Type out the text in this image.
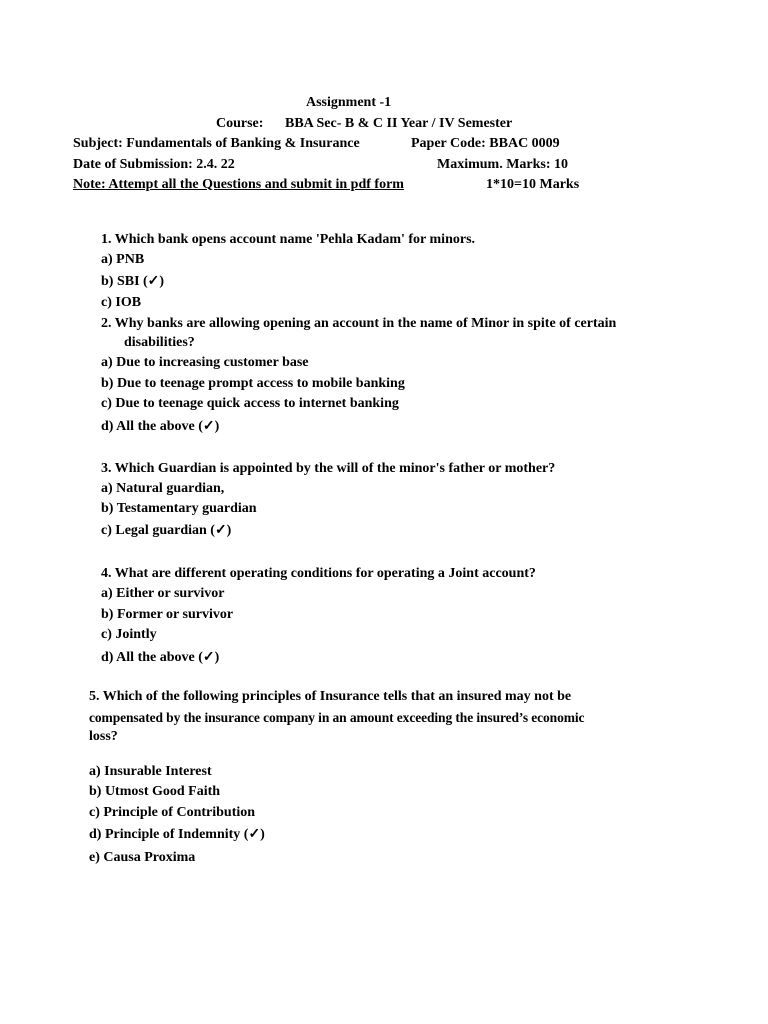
Assignment -1
Course: BBA Sec- B & C II Year / IV Semester
Subject: Fundamentals of Banking & Insurance	Paper Code: BBAC 0009
Date of Submission: 2.4. 22	Maximum. Marks: 10
Note: Attempt all the Questions and submit in pdf form	1*10=10 Marks
1. Which bank opens account name 'Pehla Kadam' for minors.
a) PNB
b) SBI (✓)
c) IOB
2. Why banks are allowing opening an account in the name of Minor in spite of certain
disabilities?
a) Due to increasing customer base
b) Due to teenage prompt access to mobile banking
c) Due to teenage quick access to internet banking
d) All the above (✓)
3. Which Guardian is appointed by the will of the minor's father or mother?
a) Natural guardian,
b) Testamentary guardian
c) Legal guardian (✓)
4. What are different operating conditions for operating a Joint account?
a) Either or survivor
b) Former or survivor
c) Jointly
d) All the above (✓)
5. Which of the following principles of Insurance tells that an insured may not be
compensated by the insurance company in an amount exceeding the insured’s economic
loss?
a) Insurable Interest
b) Utmost Good Faith
c) Principle of Contribution
d) Principle of Indemnity (✓)
e) Causa Proxima
